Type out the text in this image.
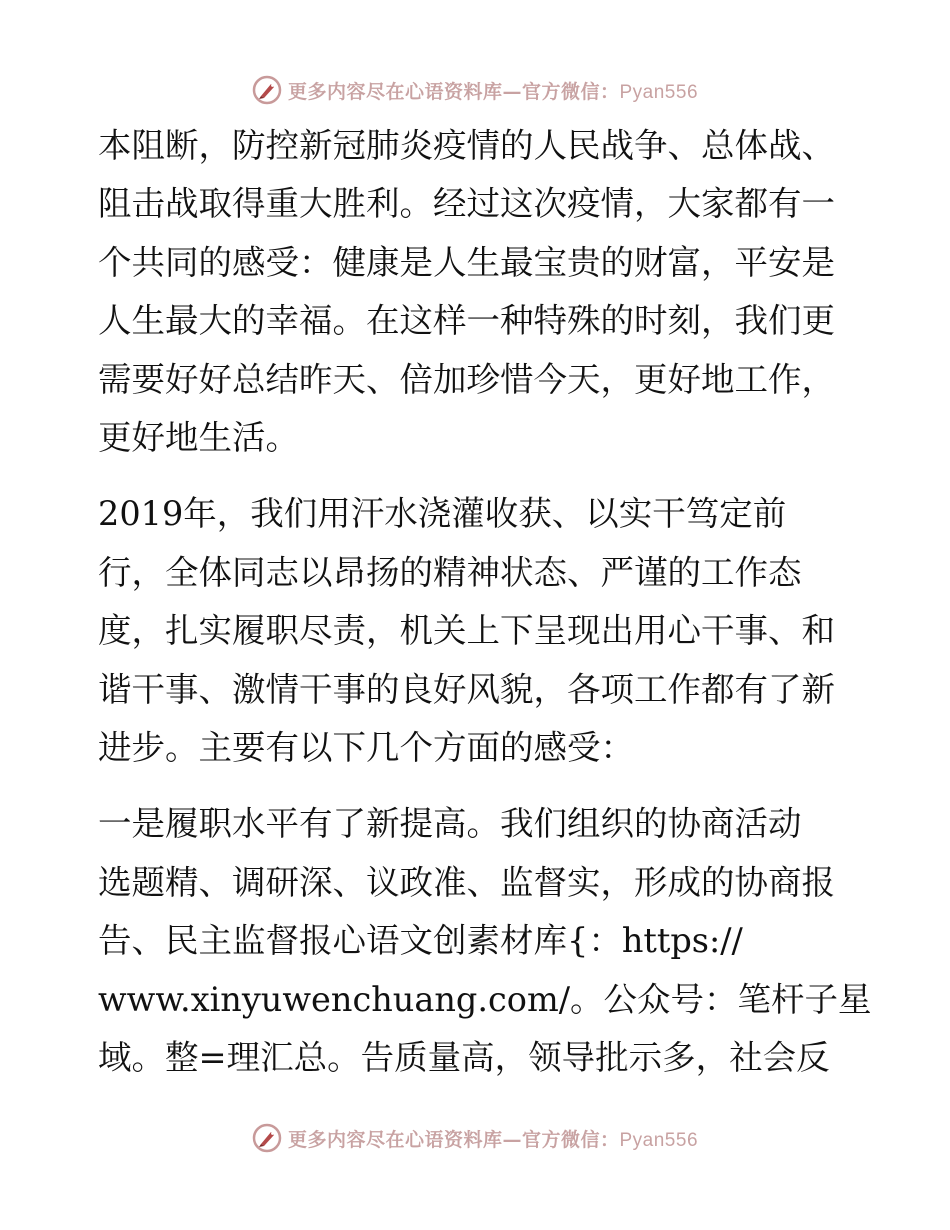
更多内容尽在心语资料库—官方微信：Pyan556

本阻断，防控新冠肺炎疫情的人民战争、总体战、
阻击战取得重大胜利。经过这次疫情，大家都有一
个共同的感受：健康是人生最宝贵的财富，平安是
人生最大的幸福。在这样一种特殊的时刻，我们更
需要好好总结昨天、倍加珍惜今天，更好地工作，
更好地生活。

2019年，我们用汗水浇灌收获、以实干笃定前
行，全体同志以昂扬的精神状态、严谨的工作态
度，扎实履职尽责，机关上下呈现出用心干事、和
谐干事、激情干事的良好风貌，各项工作都有了新
进步。主要有以下几个方面的感受：

一是履职水平有了新提高。我们组织的协商活动
选题精、调研深、议政准、监督实，形成的协商报
告、民主监督报心语文创素材库{：https://
www.xinyuwenchuang.com/。公众号：笔杆子星
域。整=理汇总。告质量高，领导批示多，社会反

更多内容尽在心语资料库—官方微信：Pyan556
